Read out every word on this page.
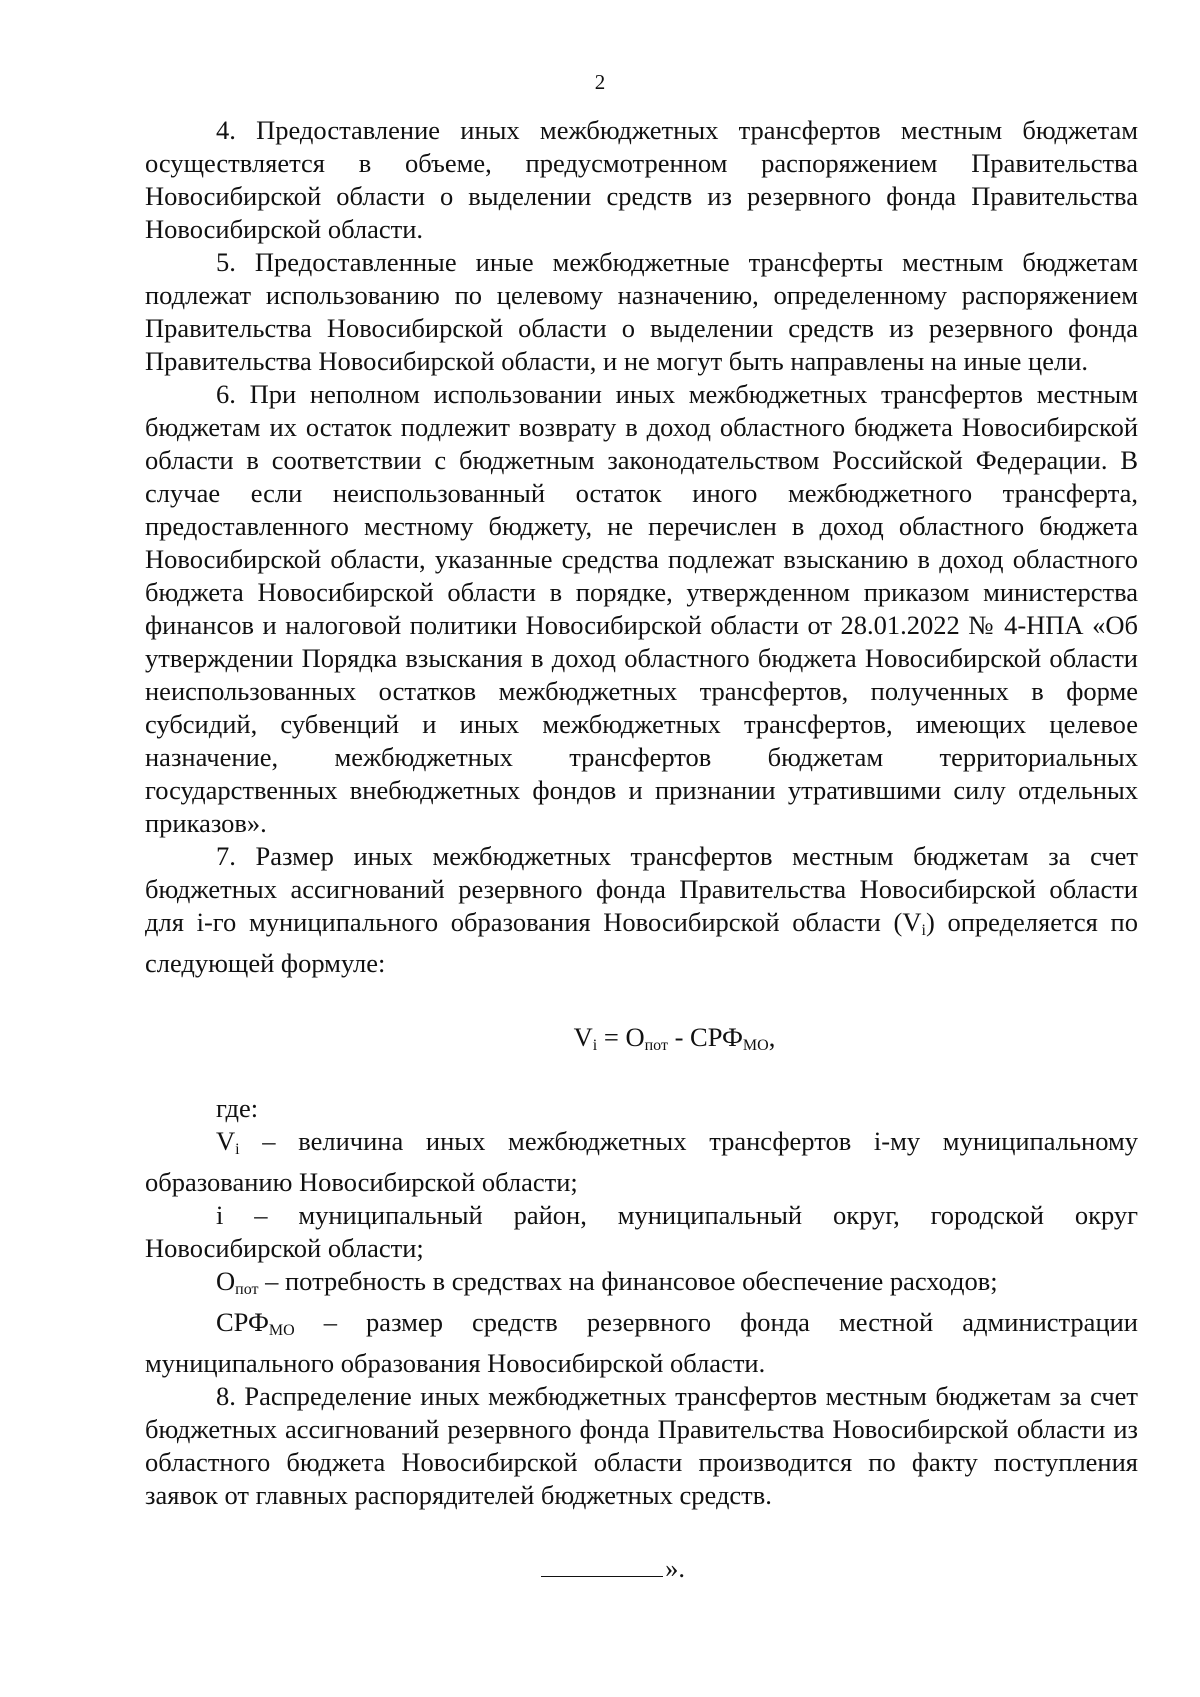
2

4. Предоставление иных межбюджетных трансфертов местным бюджетам осуществляется в объеме, предусмотренном распоряжением Правительства Новосибирской области о выделении средств из резервного фонда Правительства Новосибирской области.

5. Предоставленные иные межбюджетные трансферты местным бюджетам подлежат использованию по целевому назначению, определенному распоряжением Правительства Новосибирской области о выделении средств из резервного фонда Правительства Новосибирской области, и не могут быть направлены на иные цели.

6. При неполном использовании иных межбюджетных трансфертов местным бюджетам их остаток подлежит возврату в доход областного бюджета Новосибирской области в соответствии с бюджетным законодательством Российской Федерации. В случае если неиспользованный остаток иного межбюджетного трансферта, предоставленного местному бюджету, не перечислен в доход областного бюджета Новосибирской области, указанные средства подлежат взысканию в доход областного бюджета Новосибирской области в порядке, утвержденном приказом министерства финансов и налоговой политики Новосибирской области от 28.01.2022 № 4-НПА «Об утверждении Порядка взыскания в доход областного бюджета Новосибирской области неиспользованных остатков межбюджетных трансфертов, полученных в форме субсидий, субвенций и иных межбюджетных трансфертов, имеющих целевое назначение, межбюджетных трансфертов бюджетам территориальных государственных внебюджетных фондов и признании утратившими силу отдельных приказов».

7. Размер иных межбюджетных трансфертов местным бюджетам за счет бюджетных ассигнований резервного фонда Правительства Новосибирской области для i-го муниципального образования Новосибирской области $(V_i)$ определяется по следующей формуле:

$V_i = О_{пот} - СРФ_{МО}$,

где:

$V_i$ – величина иных межбюджетных трансфертов i-му муниципальному образованию Новосибирской области;

i – муниципальный район, муниципальный округ, городской округ Новосибирской области;

$О_{пот}$ – потребность в средствах на финансовое обеспечение расходов;

$СРФ_{МО}$ – размер средств резервного фонда местной администрации муниципального образования Новосибирской области.

8. Распределение иных межбюджетных трансфертов местным бюджетам за счет бюджетных ассигнований резервного фонда Правительства Новосибирской области из областного бюджета Новосибирской области производится по факту поступления заявок от главных распорядителей бюджетных средств.

».
